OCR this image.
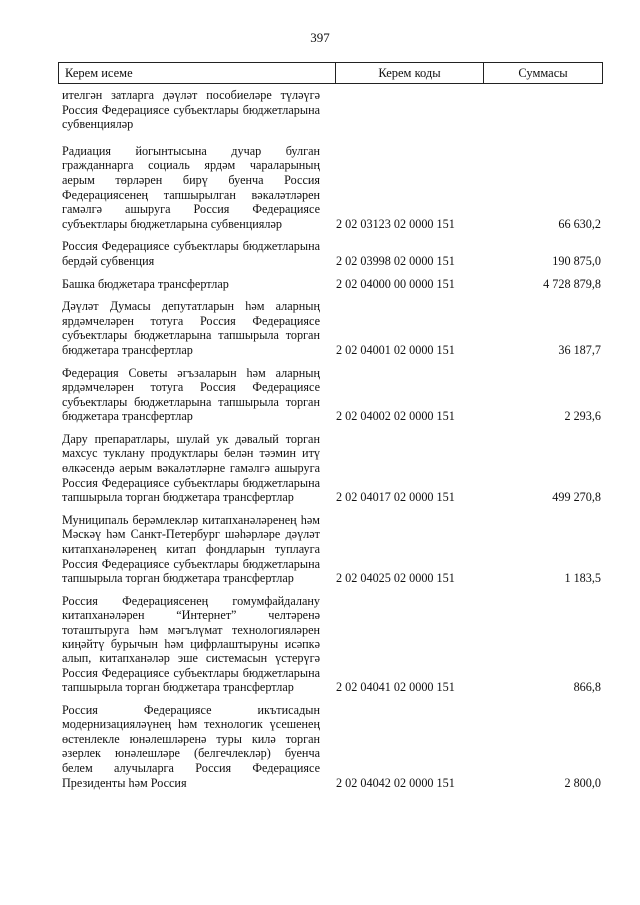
397
Керем исеме	Керем коды	Суммасы
ителгән затларга дәүләт пособиеләре түләүгә Россия Федерациясе субъектлары бюджетларына субвенцияләр
Радиация йогынтысына дучар булган гражданнарга социаль ярдәм чараларының аерым төрләрен бирү буенча Россия Федерациясенең тапшырылган вәкаләтләрен гамәлгә ашыруга Россия Федерациясе субъектлары бюджетларына субвенцияләр	2 02 03123 02 0000 151	66 630,2
Россия Федерациясе субъектлары бюджетларына бердәй субвенция	2 02 03998 02 0000 151	190 875,0
Башка бюджетара трансфертлар	2 02 04000 00 0000 151	4 728 879,8
Дәүләт Думасы депутатларын һәм аларның ярдәмчеләрен тотуга Россия Федерациясе субъектлары бюджетларына тапшырыла торган бюджетара трансфертлар	2 02 04001 02 0000 151	36 187,7
Федерация Советы әгъзаларын һәм аларның ярдәмчеләрен тотуга Россия Федерациясе субъектлары бюджетларына тапшырыла торган бюджетара трансфертлар	2 02 04002 02 0000 151	2 293,6
Дару препаратлары, шулай ук дәвалый торган махсус туклану продуктлары белән тәэмин итү өлкәсендә аерым вәкаләтләрне гамәлгә ашыруга Россия Федерациясе субъектлары бюджетларына тапшырыла торган бюджетара трансфертлар	2 02 04017 02 0000 151	499 270,8
Муниципаль берәмлекләр китапханәләренең һәм Мәскәү һәм Санкт-Петербург шәһәрләре дәүләт китапханәләренең китап фондларын туплауга Россия Федерациясе субъектлары бюджетларына тапшырыла торган бюджетара трансфертлар	2 02 04025 02 0000 151	1 183,5
Россия Федерациясенең гомумфайдалану китапханәләрен “Интернет” челтәренә тоташтыруга һәм мәгълүмат технологияләрен киңәйтү бурычын һәм цифрлаштыруны исәпкә алып, китапханәләр эше системасын үстерүгә Россия Федерациясе субъектлары бюджетларына тапшырыла торган бюджетара трансфертлар	2 02 04041 02 0000 151	866,8
Россия Федерациясе икътисадын модернизацияләүнең һәм технологик үсешенең өстенлекле юнәлешләренә туры килә торган әзерлек юнәлешләре (белгечлекләр) буенча белем алучыларга Россия Федерациясе Президенты һәм Россия	2 02 04042 02 0000 151	2 800,0
